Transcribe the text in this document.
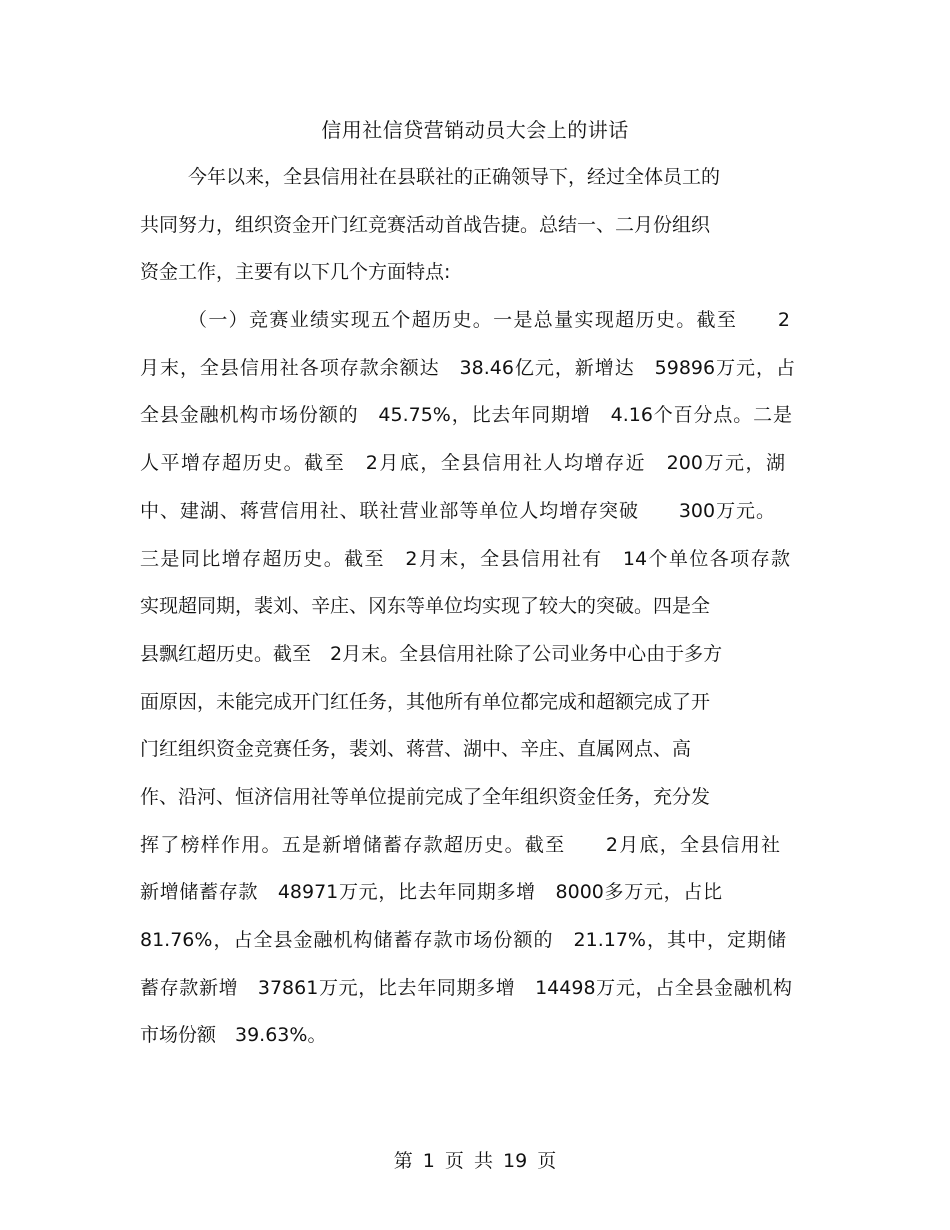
信用社信贷营销动员大会上的讲话
今年以来，全县信用社在县联社的正确领导下，经过全体员工的
共同努力，组织资金开门红竞赛活动首战告捷。总结一、二月份组织
资金工作，主要有以下几个方面特点:
（一）竞赛业绩实现五个超历史。一是总量实现超历史。截至　　2
月末，全县信用社各项存款余额达　38.46亿元，新增达　59896万元，占
全县金融机构市场份额的　45.75%，比去年同期增　4.16个百分点。二是
人平增存超历史。截至　2月底，全县信用社人均增存近　200万元，湖
中、建湖、蒋营信用社、联社营业部等单位人均增存突破　　300万元。
三是同比增存超历史。截至　2月末，全县信用社有　14个单位各项存款
实现超同期，裴刘、辛庄、冈东等单位均实现了较大的突破。四是全
县飘红超历史。截至　2月末。全县信用社除了公司业务中心由于多方
面原因，未能完成开门红任务，其他所有单位都完成和超额完成了开
门红组织资金竞赛任务，裴刘、蒋营、湖中、辛庄、直属网点、高
作、沿河、恒济信用社等单位提前完成了全年组织资金任务，充分发
挥了榜样作用。五是新增储蓄存款超历史。截至　　2月底，全县信用社
新增储蓄存款　48971万元，比去年同期多增　8000多万元，占比
81.76%，占全县金融机构储蓄存款市场份额的　21.17%，其中，定期储
蓄存款新增　37861万元，比去年同期多增　14498万元，占全县金融机构
市场份额　39.63%。
第 1 页 共 19 页
